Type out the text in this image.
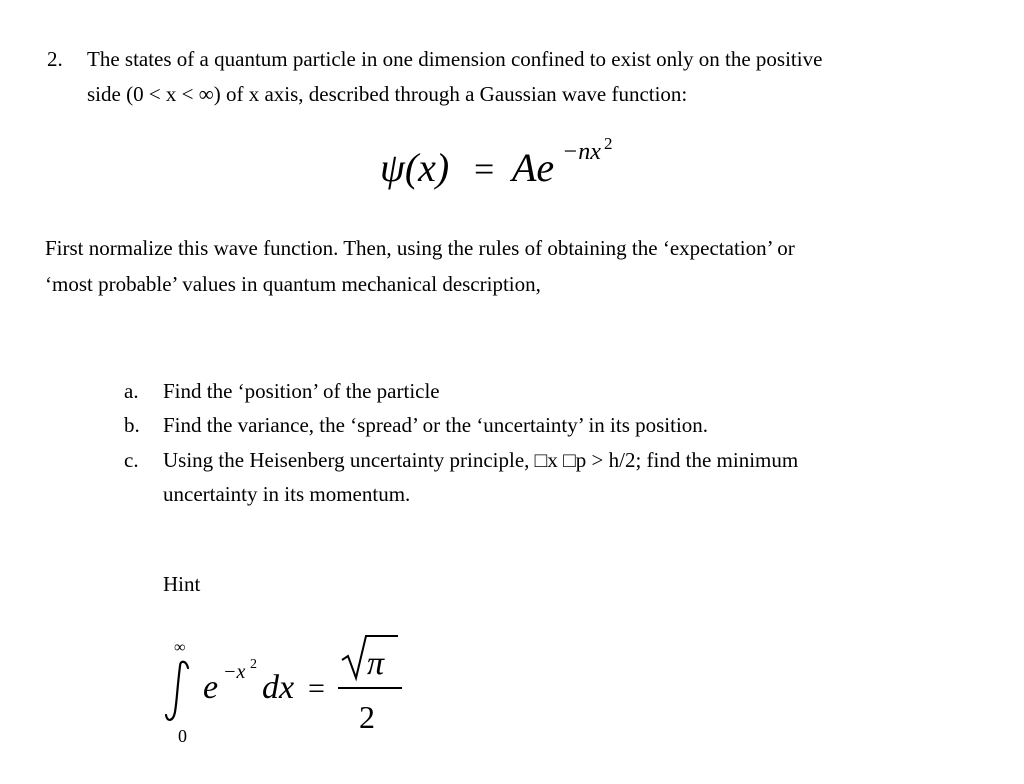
2. The states of a quantum particle in one dimension confined to exist only on the positive
side (0 < x < ∞) of x axis, described through a Gaussian wave function:
ψ(x) = Ae −nx 2
First normalize this wave function. Then, using the rules of obtaining the ‘expectation’ or
‘most probable’ values in quantum mechanical description,
a.	Find the ‘position’ of the particle
b.	Find the variance, the ‘spread’ or the ‘uncertainty’ in its position.
c.	Using the Heisenberg uncertainty principle, □x □p > h/2; find the minimum
uncertainty in its momentum.
Hint
∞
0
e −x 2
dx =
π
2
